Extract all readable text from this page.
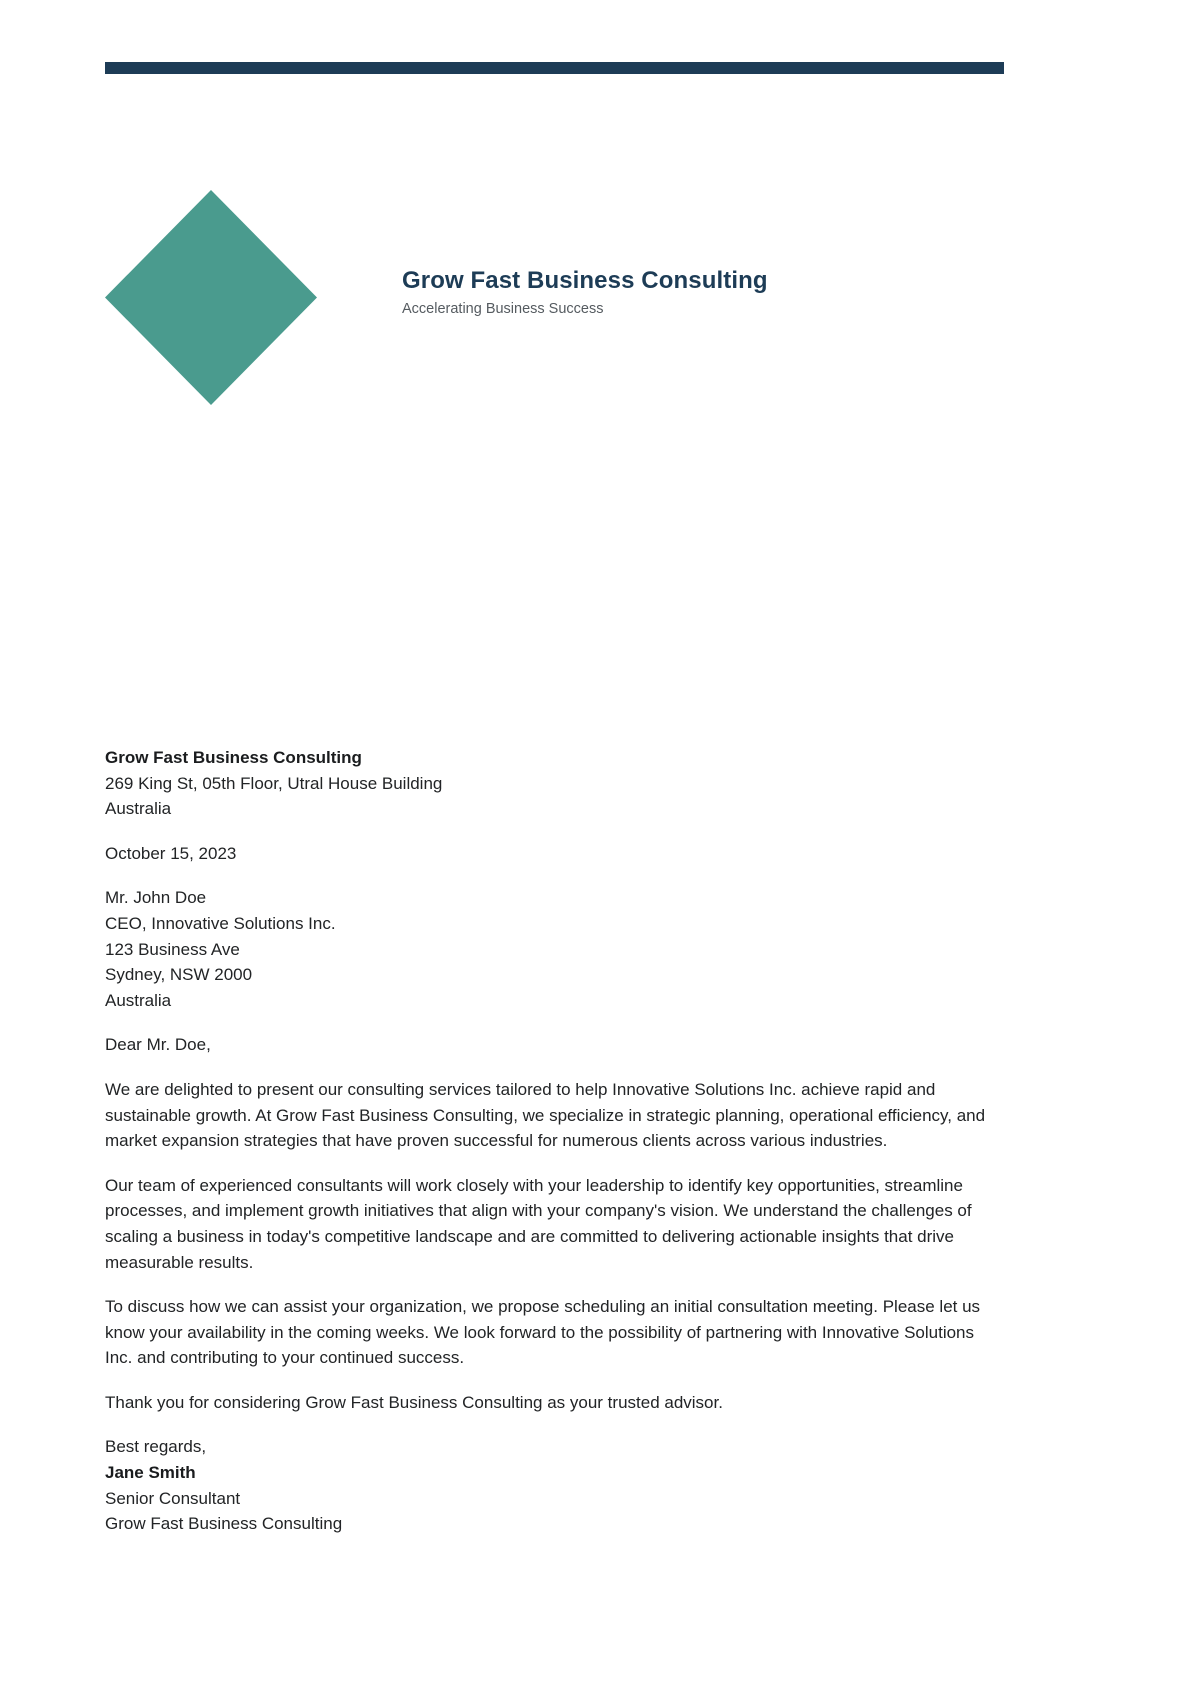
Grow Fast Business Consulting
Accelerating Business Success
Grow Fast Business Consulting
269 King St, 05th Floor, Utral House Building
Australia
October 15, 2023
Mr. John Doe
CEO, Innovative Solutions Inc.
123 Business Ave
Sydney, NSW 2000
Australia
Dear Mr. Doe,
We are delighted to present our consulting services tailored to help Innovative Solutions Inc. achieve rapid and sustainable growth. At Grow Fast Business Consulting, we specialize in strategic planning, operational efficiency, and market expansion strategies that have proven successful for numerous clients across various industries.
Our team of experienced consultants will work closely with your leadership to identify key opportunities, streamline processes, and implement growth initiatives that align with your company's vision. We understand the challenges of scaling a business in today's competitive landscape and are committed to delivering actionable insights that drive measurable results.
To discuss how we can assist your organization, we propose scheduling an initial consultation meeting. Please let us know your availability in the coming weeks. We look forward to the possibility of partnering with Innovative Solutions Inc. and contributing to your continued success.
Thank you for considering Grow Fast Business Consulting as your trusted advisor.
Best regards,
Jane Smith
Senior Consultant
Grow Fast Business Consulting
